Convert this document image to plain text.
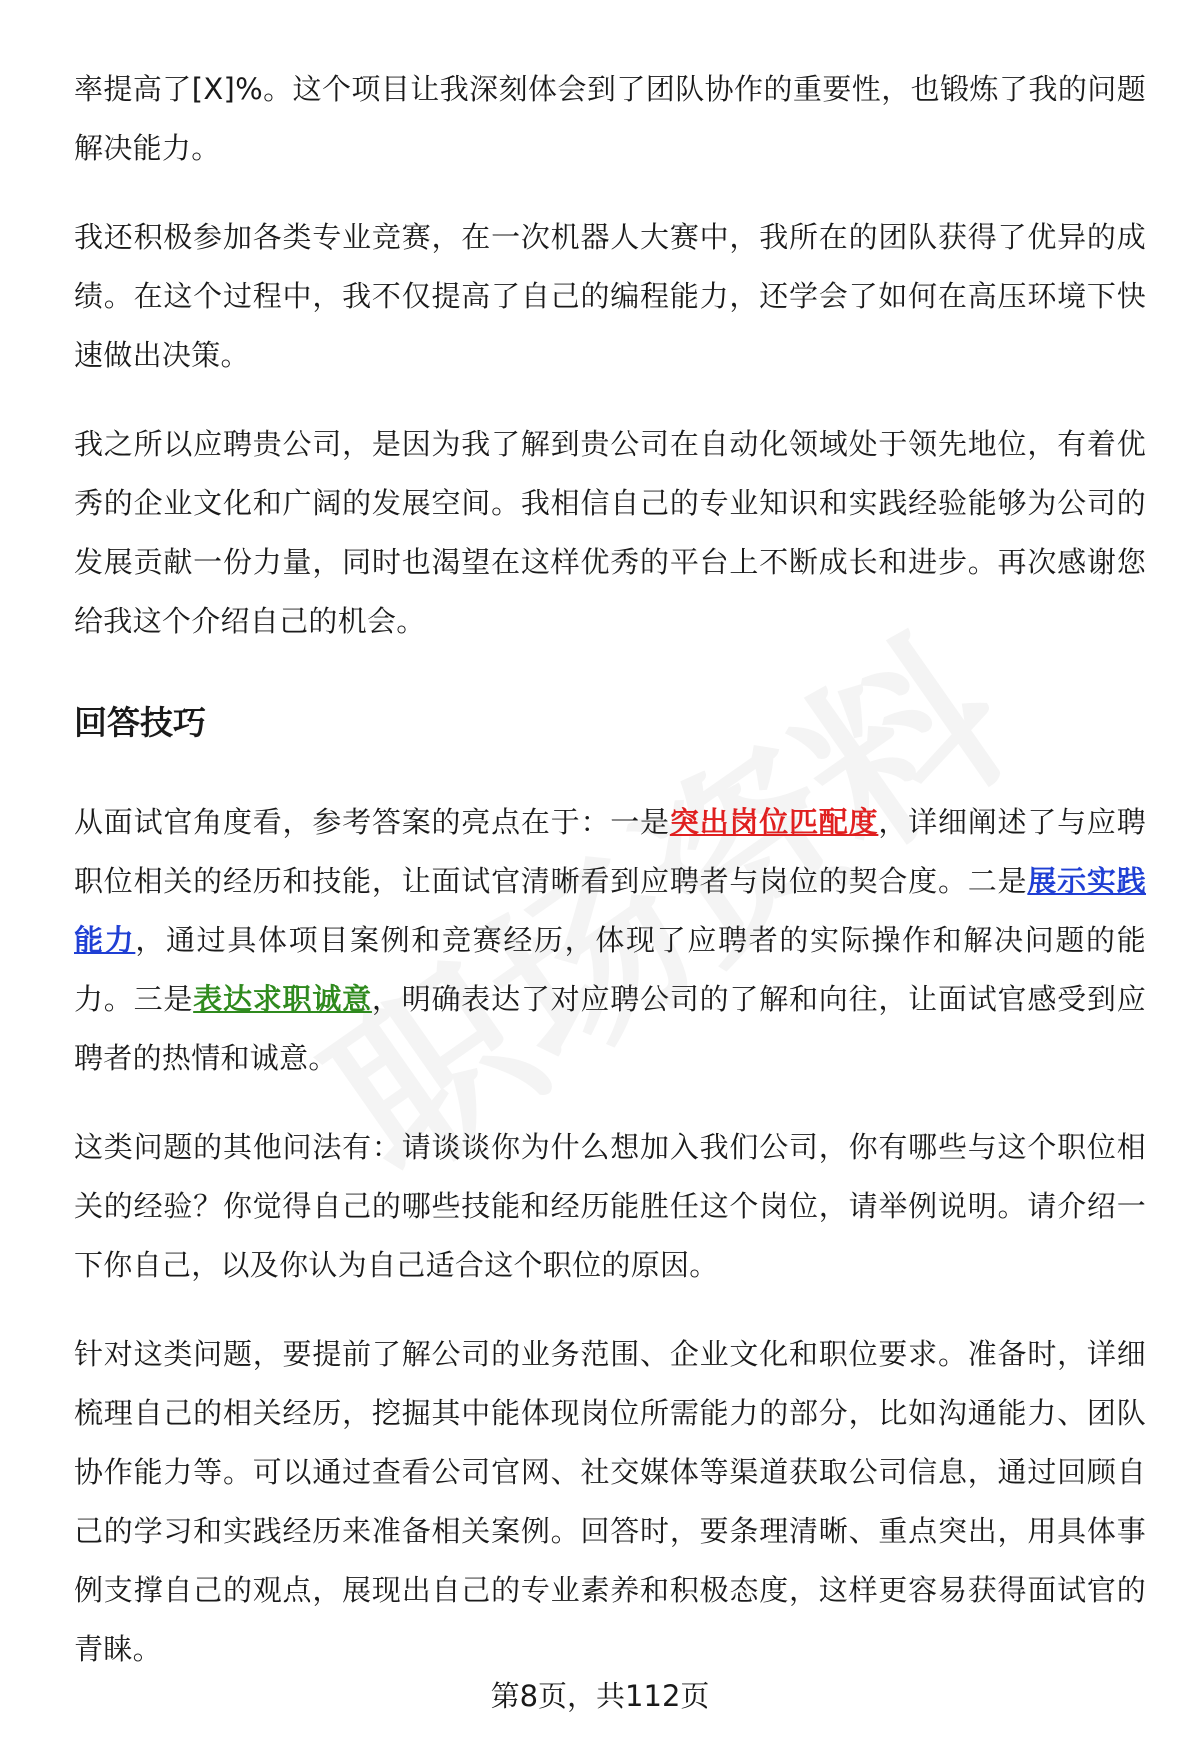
率提高了[X]%。这个项目让我深刻体会到了团队协作的重要性，也锻炼了我的问题解决能力。

我还积极参加各类专业竞赛，在一次机器人大赛中，我所在的团队获得了优异的成绩。在这个过程中，我不仅提高了自己的编程能力，还学会了如何在高压环境下快速做出决策。

我之所以应聘贵公司，是因为我了解到贵公司在自动化领域处于领先地位，有着优秀的企业文化和广阔的发展空间。我相信自己的专业知识和实践经验能够为公司的发展贡献一份力量，同时也渴望在这样优秀的平台上不断成长和进步。再次感谢您给我这个介绍自己的机会。

回答技巧

从面试官角度看，参考答案的亮点在于：一是突出岗位匹配度，详细阐述了与应聘职位相关的经历和技能，让面试官清晰看到应聘者与岗位的契合度。二是展示实践能力，通过具体项目案例和竞赛经历，体现了应聘者的实际操作和解决问题的能力。三是表达求职诚意，明确表达了对应聘公司的了解和向往，让面试官感受到应聘者的热情和诚意。

这类问题的其他问法有：请谈谈你为什么想加入我们公司，你有哪些与这个职位相关的经验？你觉得自己的哪些技能和经历能胜任这个岗位，请举例说明。请介绍一下你自己，以及你认为自己适合这个职位的原因。

针对这类问题，要提前了解公司的业务范围、企业文化和职位要求。准备时，详细梳理自己的相关经历，挖掘其中能体现岗位所需能力的部分，比如沟通能力、团队协作能力等。可以通过查看公司官网、社交媒体等渠道获取公司信息，通过回顾自己的学习和实践经历来准备相关案例。回答时，要条理清晰、重点突出，用具体事例支撑自己的观点，展现出自己的专业素养和积极态度，这样更容易获得面试官的青睐。

第8页，共112页
